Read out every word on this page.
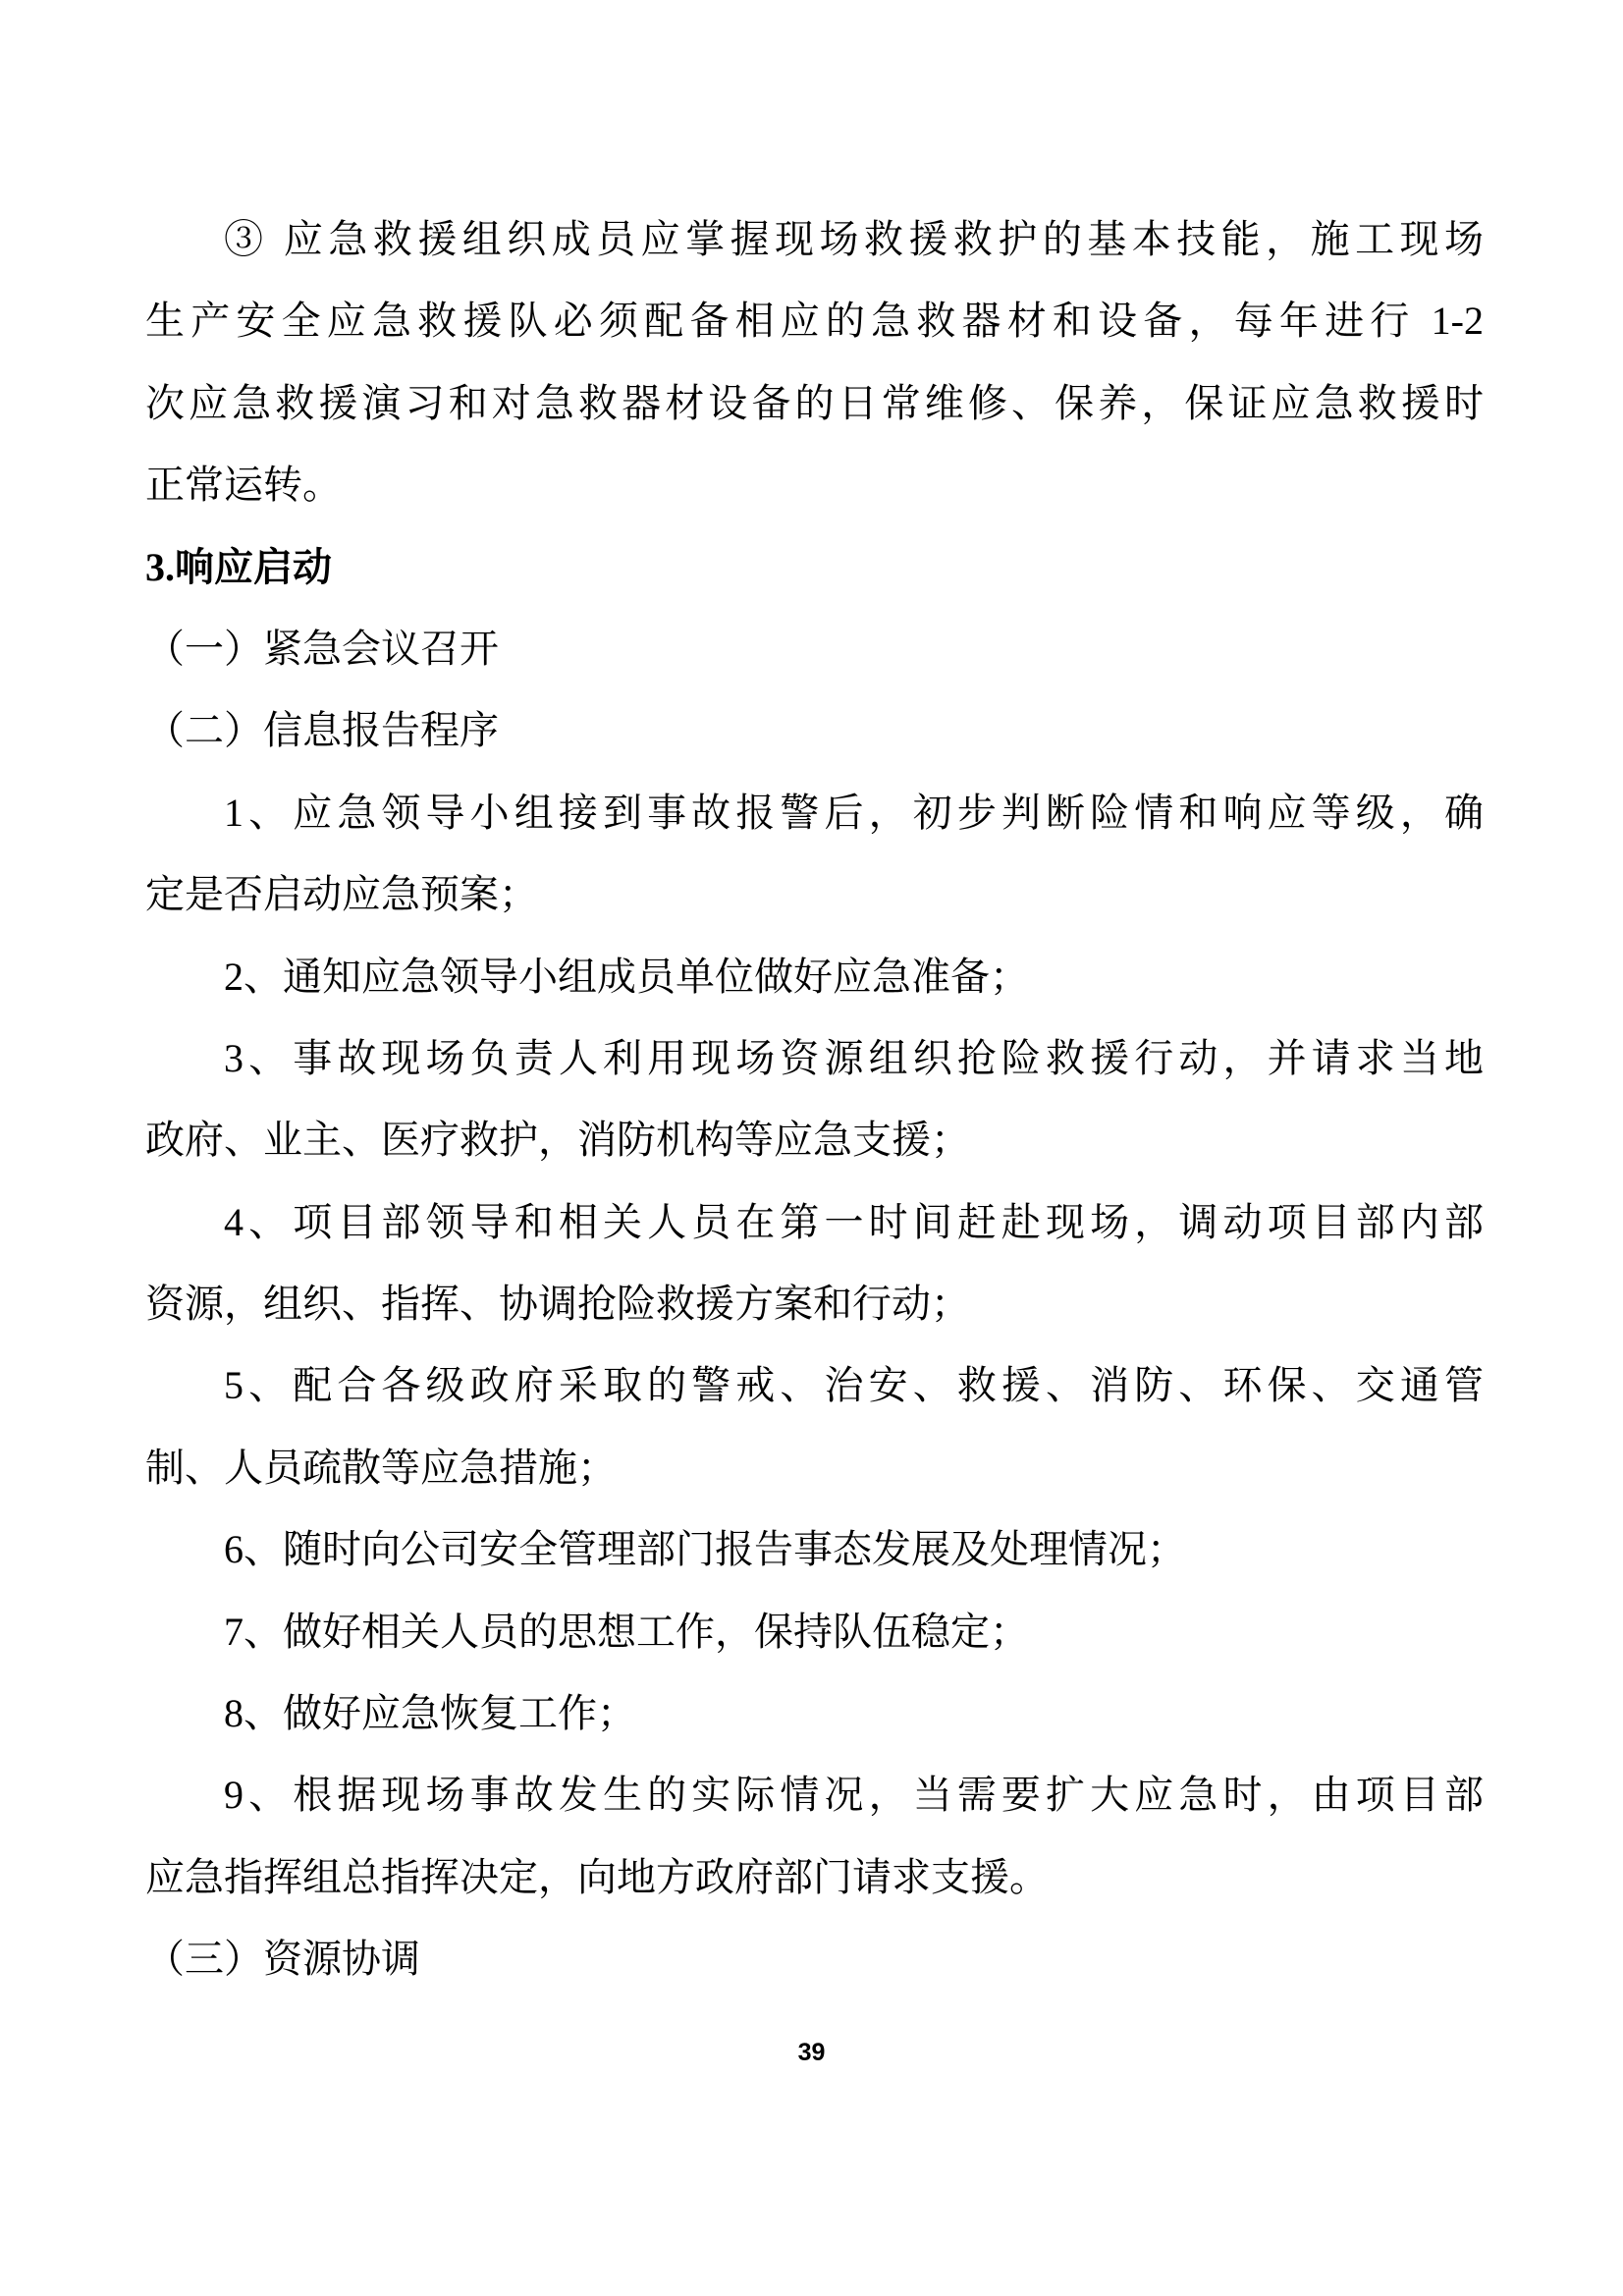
③ 应急救援组织成员应掌握现场救援救护的基本技能，施工现场
生产安全应急救援队必须配备相应的急救器材和设备，每年进行 1-2
次应急救援演习和对急救器材设备的日常维修、保养，保证应急救援时
正常运转。
3.响应启动
（一）紧急会议召开
（二）信息报告程序
1、应急领导小组接到事故报警后，初步判断险情和响应等级，确
定是否启动应急预案；
2、通知应急领导小组成员单位做好应急准备；
3、事故现场负责人利用现场资源组织抢险救援行动，并请求当地
政府、业主、医疗救护，消防机构等应急支援；
4、项目部领导和相关人员在第一时间赶赴现场，调动项目部内部
资源，组织、指挥、协调抢险救援方案和行动；
5、配合各级政府采取的警戒、治安、救援、消防、环保、交通管
制、人员疏散等应急措施；
6、随时向公司安全管理部门报告事态发展及处理情况；
7、做好相关人员的思想工作，保持队伍稳定；
8、做好应急恢复工作；
9、根据现场事故发生的实际情况，当需要扩大应急时，由项目部
应急指挥组总指挥决定，向地方政府部门请求支援。
（三）资源协调
39
